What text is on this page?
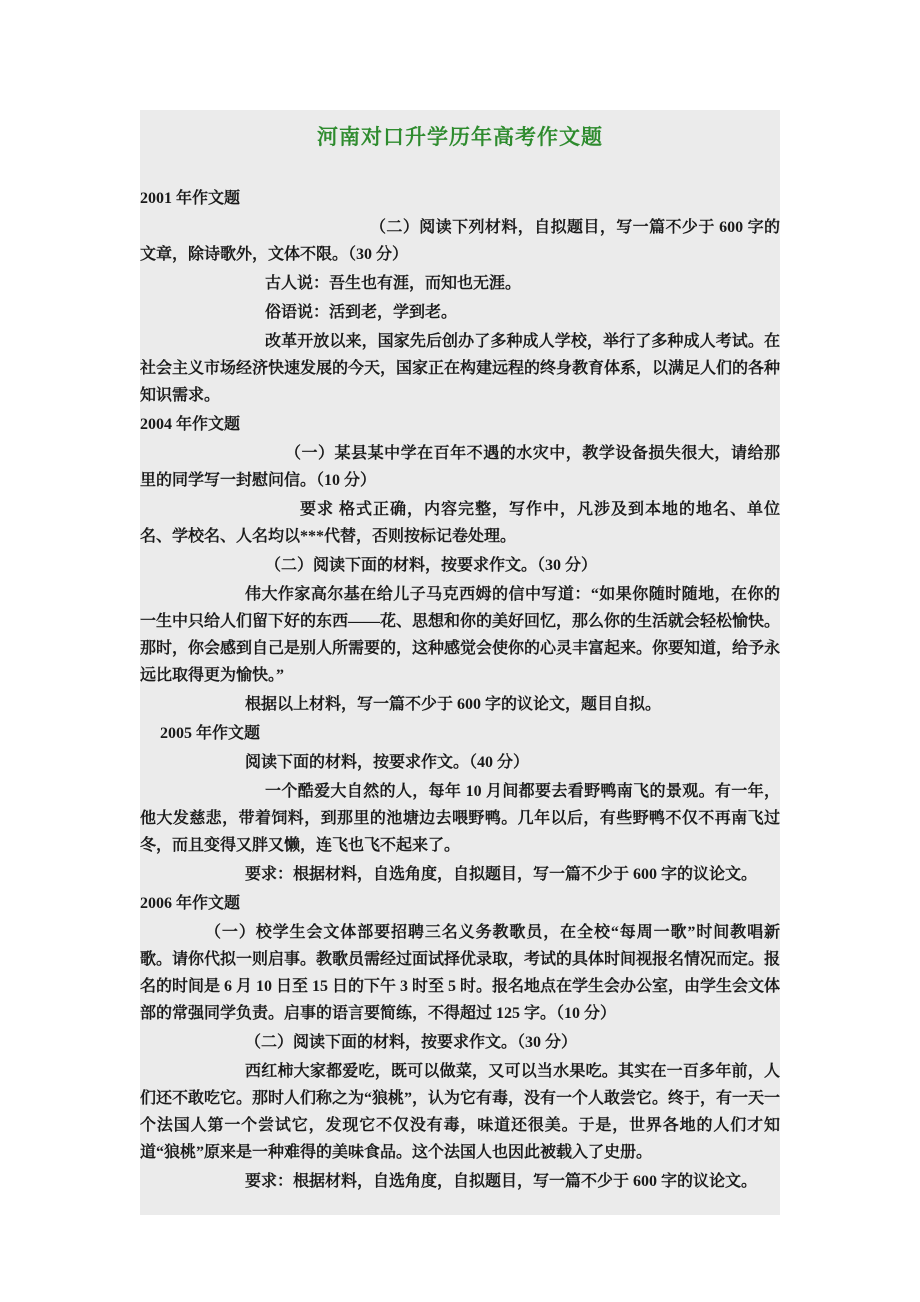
河南对口升学历年高考作文题

2001 年作文题

（二）阅读下列材料，自拟题目，写一篇不少于 600 字的文章，除诗歌外，文体不限。（30 分）

古人说：吾生也有涯，而知也无涯。

俗语说：活到老，学到老。

改革开放以来，国家先后创办了多种成人学校，举行了多种成人考试。在社会主义市场经济快速发展的今天，国家正在构建远程的终身教育体系，以满足人们的各种知识需求。

2004 年作文题

（一）某县某中学在百年不遇的水灾中，教学设备损失很大，请给那里的同学写一封慰问信。（10 分）

要求 格式正确，内容完整，写作中，凡涉及到本地的地名、单位名、学校名、人名均以***代替，否则按标记卷处理。

（二）阅读下面的材料，按要求作文。（30 分）

伟大作家高尔基在给儿子马克西姆的信中写道：“如果你随时随地，在你的一生中只给人们留下好的东西——花、思想和你的美好回忆，那么你的生活就会轻松愉快。那时，你会感到自己是别人所需要的，这种感觉会使你的心灵丰富起来。你要知道，给予永远比取得更为愉快。”

根据以上材料，写一篇不少于 600 字的议论文，题目自拟。

2005 年作文题

阅读下面的材料，按要求作文。（40 分）

一个酷爱大自然的人，每年 10 月间都要去看野鸭南飞的景观。有一年，他大发慈悲，带着饲料，到那里的池塘边去喂野鸭。几年以后，有些野鸭不仅不再南飞过冬，而且变得又胖又懒，连飞也飞不起来了。

要求：根据材料，自选角度，自拟题目，写一篇不少于 600 字的议论文。

2006 年作文题

（一）校学生会文体部要招聘三名义务教歌员，在全校“每周一歌”时间教唱新歌。请你代拟一则启事。教歌员需经过面试择优录取，考试的具体时间视报名情况而定。报名的时间是 6 月 10 日至 15 日的下午 3 时至 5 时。报名地点在学生会办公室，由学生会文体部的常强同学负责。启事的语言要简练，不得超过 125 字。（10 分）

（二）阅读下面的材料，按要求作文。（30 分）

西红柿大家都爱吃，既可以做菜，又可以当水果吃。其实在一百多年前，人们还不敢吃它。那时人们称之为“狼桃”，认为它有毒，没有一个人敢尝它。终于，有一天一个法国人第一个尝试它，发现它不仅没有毒，味道还很美。于是，世界各地的人们才知道“狼桃”原来是一种难得的美味食品。这个法国人也因此被载入了史册。

要求：根据材料，自选角度，自拟题目，写一篇不少于 600 字的议论文。
